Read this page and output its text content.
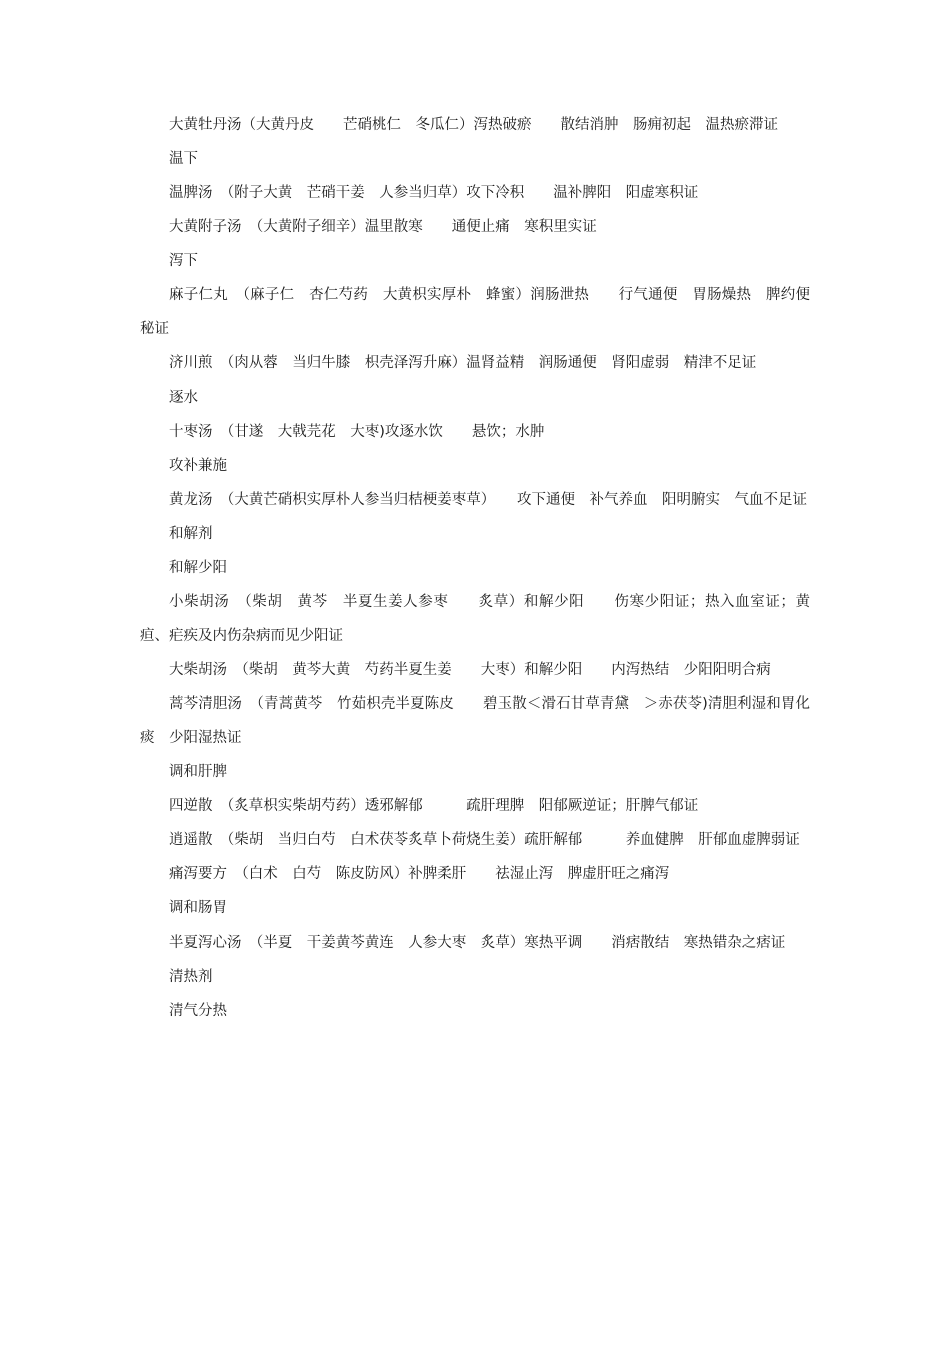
大黄牡丹汤（大黄丹皮　　芒硝桃仁　冬瓜仁）泻热破瘀　　散结消肿　肠痈初起　温热瘀滞证

温下

温脾汤　（附子大黄　芒硝干姜　人参当归草）攻下冷积　　温补脾阳　阳虚寒积证

大黄附子汤　（大黄附子细辛）温里散寒　　通便止痛　寒积里实证

泻下

麻子仁丸　（麻子仁　杏仁芍药　大黄枳实厚朴　蜂蜜）润肠泄热　　行气通便　胃肠燥热　脾约便秘证

济川煎　（肉从蓉　当归牛膝　枳壳泽泻升麻）温肾益精　润肠通便　肾阳虚弱　精津不足证

逐水

十枣汤　（甘遂　大戟芫花　大枣)攻逐水饮　　悬饮；水肿

攻补兼施

黄龙汤　（大黄芒硝枳实厚朴人参当归桔梗姜枣草）　　攻下通便　补气养血　阳明腑实　气血不足证

和解剂

和解少阳

小柴胡汤　（柴胡　黄芩　半夏生姜人参枣　　炙草）和解少阳　　伤寒少阳证；热入血室证；黄疸、疟疾及内伤杂病而见少阳证

大柴胡汤　（柴胡　黄芩大黄　芍药半夏生姜　　大枣）和解少阳　　内泻热结　少阳阳明合病

蒿芩清胆汤　（青蒿黄芩　竹茹枳壳半夏陈皮　　碧玉散＜滑石甘草青黛　＞赤茯苓)清胆利湿和胃化痰　少阳湿热证

调和肝脾

四逆散　（炙草枳实柴胡芍药）透邪解郁　　　疏肝理脾　阳郁厥逆证；肝脾气郁证

逍遥散　（柴胡　当归白芍　白术茯苓炙草卜荷烧生姜）疏肝解郁　　　养血健脾　肝郁血虚脾弱证

痛泻要方　（白术　白芍　陈皮防风）补脾柔肝　　祛湿止泻　脾虚肝旺之痛泻

调和肠胃

半夏泻心汤　（半夏　干姜黄芩黄连　人参大枣　炙草）寒热平调　　消痞散结　寒热错杂之痞证

清热剂

清气分热
